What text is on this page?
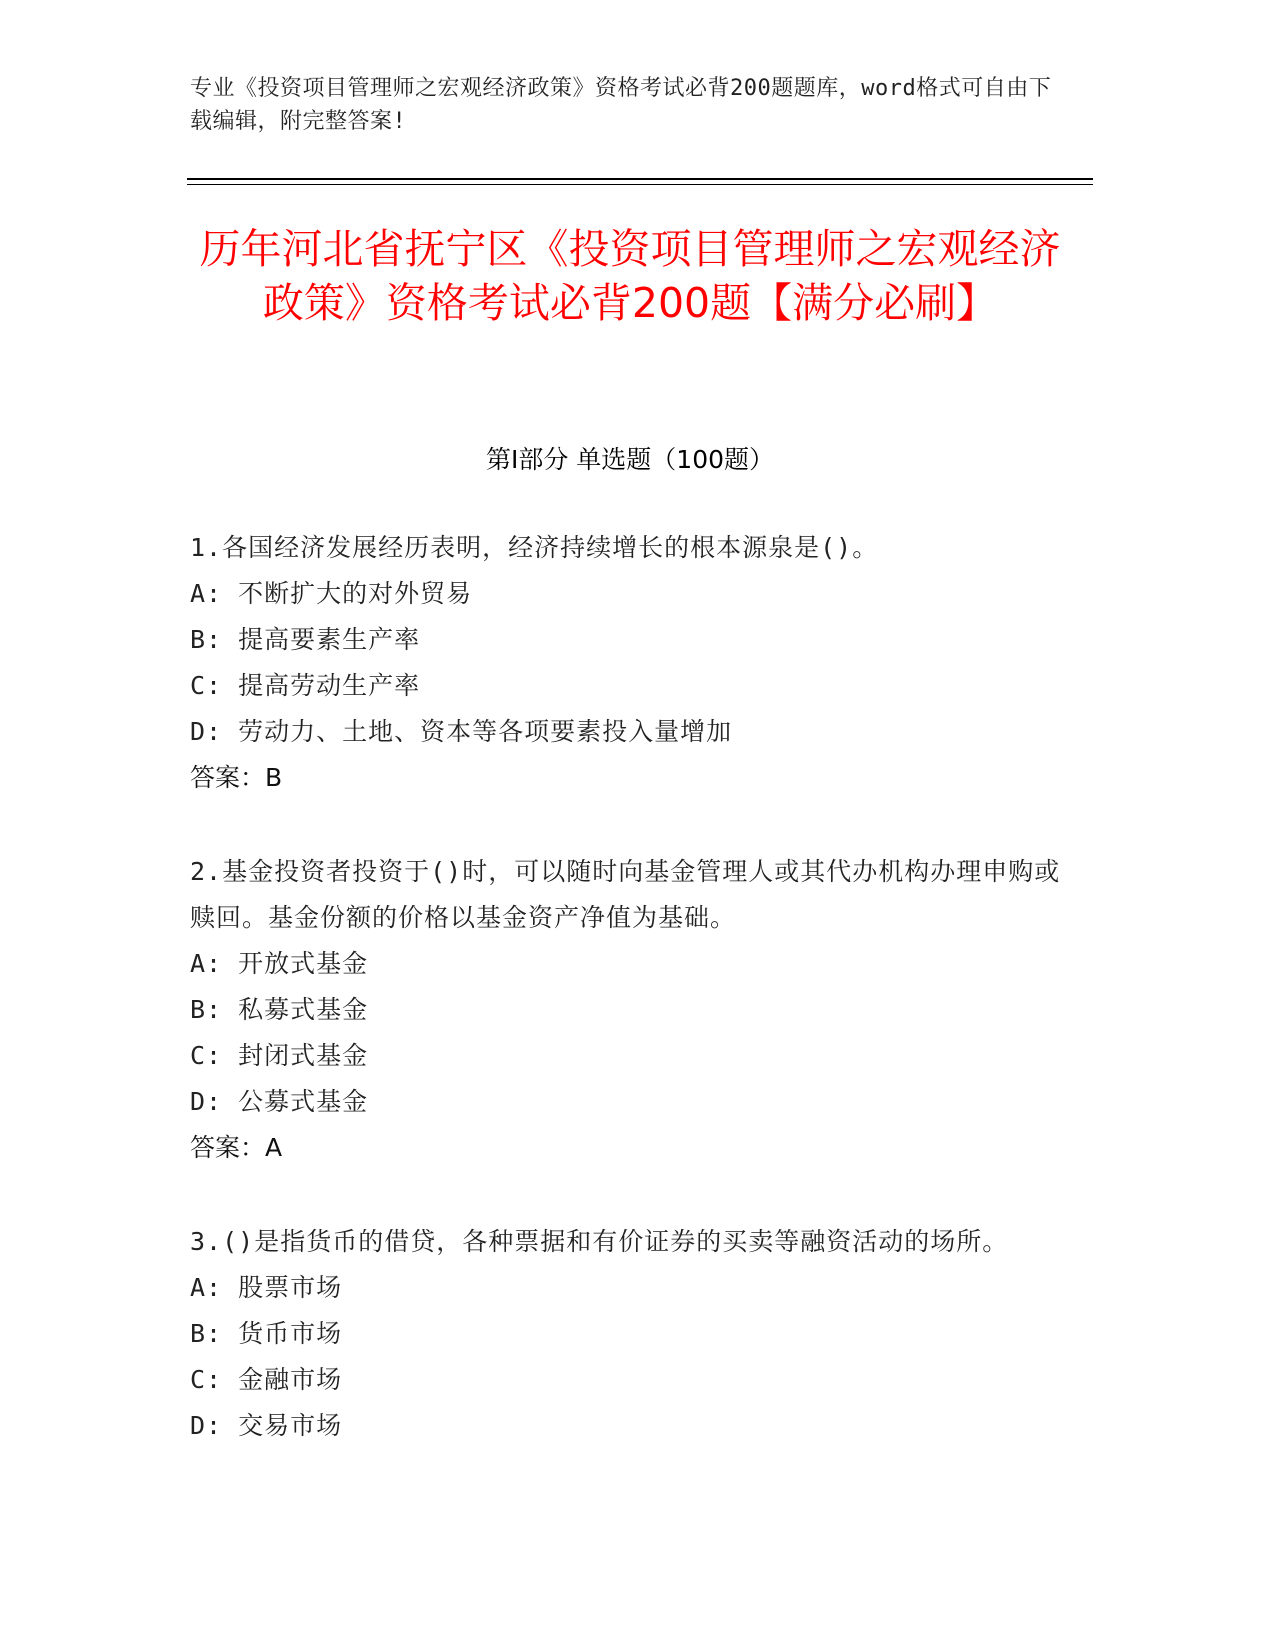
专业《投资项目管理师之宏观经济政策》资格考试必背200题题库，word格式可自由下载编辑，附完整答案!
历年河北省抚宁区《投资项目管理师之宏观经济政策》资格考试必背200题【满分必刷】
第I部分 单选题（100题）
1.各国经济发展经历表明，经济持续增长的根本源泉是()。
A: 不断扩大的对外贸易
B: 提高要素生产率
C: 提高劳动生产率
D: 劳动力、土地、资本等各项要素投入量增加
答案：B
2.基金投资者投资于()时，可以随时向基金管理人或其代办机构办理申购或赎回。基金份额的价格以基金资产净值为基础。
A: 开放式基金
B: 私募式基金
C: 封闭式基金
D: 公募式基金
答案：A
3.()是指货币的借贷，各种票据和有价证券的买卖等融资活动的场所。
A: 股票市场
B: 货币市场
C: 金融市场
D: 交易市场
